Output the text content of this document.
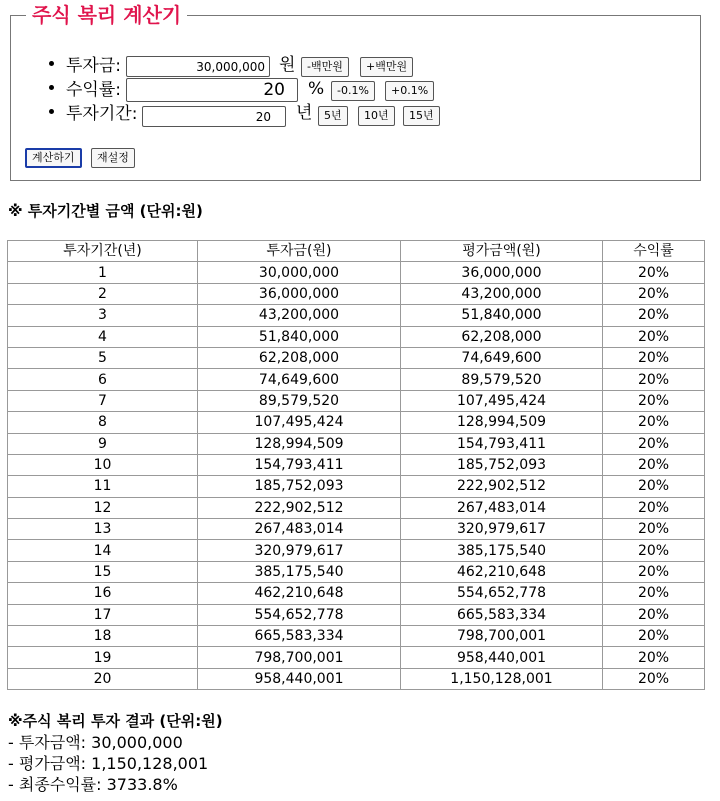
주식 복리 계산기
투자금:
30,000,000	원	-백만원	+백만원
수익률:
20	%	-0.1%	+0.1%
투자기간:
20	년	5년	10년	15년
계산하기	재설정
※ 투자기간별 금액 (단위:원)
투자기간(년)	투자금(원)	평가금액(원)	수익률
1	30,000,000	36,000,000	20%
2	36,000,000	43,200,000	20%
3	43,200,000	51,840,000	20%
4	51,840,000	62,208,000	20%
5	62,208,000	74,649,600	20%
6	74,649,600	89,579,520	20%
7	89,579,520	107,495,424	20%
8	107,495,424	128,994,509	20%
9	128,994,509	154,793,411	20%
10	154,793,411	185,752,093	20%
11	185,752,093	222,902,512	20%
12	222,902,512	267,483,014	20%
13	267,483,014	320,979,617	20%
14	320,979,617	385,175,540	20%
15	385,175,540	462,210,648	20%
16	462,210,648	554,652,778	20%
17	554,652,778	665,583,334	20%
18	665,583,334	798,700,001	20%
19	798,700,001	958,440,001	20%
20	958,440,001	1,150,128,001	20%
※주식 복리 투자 결과 (단위:원)
- 투자금액: 30,000,000
- 평가금액: 1,150,128,001
- 최종수익률: 3733.8%
